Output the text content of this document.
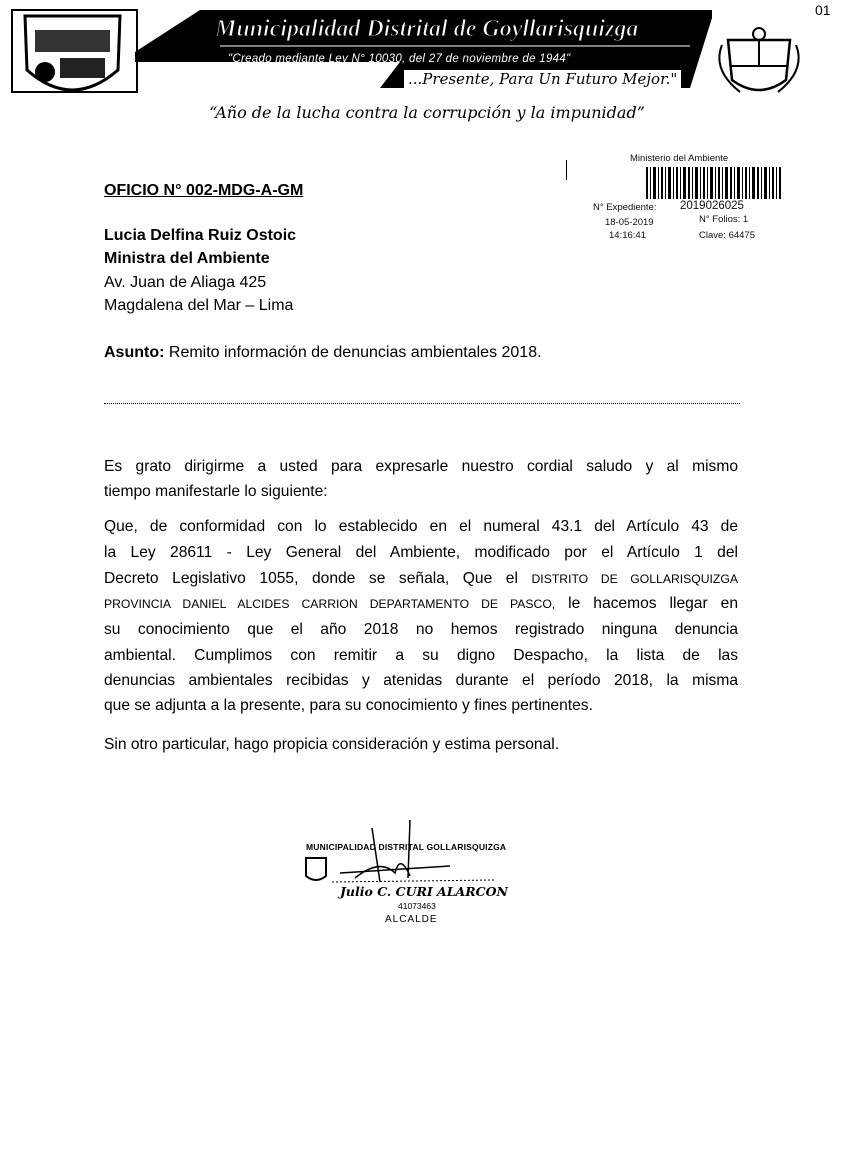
Municipalidad Distrital de Goyllarisquizga
"Creado mediante Ley N° 10030, del 27 de noviembre de 1944"
...Presente, Para Un Futuro Mejor."
01
“Año de la lucha contra la corrupción y la impunidad”
Ministerio del Ambiente
N° Expediente: 2019026025
18-05-2019	N° Folios: 1
14:16:41	Clave: 64475
OFICIO N° 002-MDG-A-GM
Lucia Delfina Ruiz Ostoic
Ministra del Ambiente
Av. Juan de Aliaga 425
Magdalena del Mar – Lima
Asunto: Remito información de denuncias ambientales 2018.
Es grato dirigirme a usted para expresarle nuestro cordial saludo y al mismo
tiempo manifestarle lo siguiente:
Que, de conformidad con lo establecido en el numeral 43.1 del Artículo 43 de
la Ley 28611 - Ley General del Ambiente, modificado por el Artículo 1 del
Decreto Legislativo 1055, donde se señala, Que el DISTRITO DE GOLLARISQUIZGA
PROVINCIA DANIEL ALCIDES CARRION DEPARTAMENTO DE PASCO, le hacemos llegar en
su conocimiento que el año 2018 no hemos registrado ninguna denuncia
ambiental. Cumplimos con remitir a su digno Despacho, la lista de las
denuncias ambientales recibidas y atenidas durante el período 2018, la misma
que se adjunta a la presente, para su conocimiento y fines pertinentes.
Sin otro particular, hago propicia consideración y estima personal.
MUNICIPALIDAD DISTRITAL GOLLARISQUIZGA
Julio C. CURI ALARCON
41073463
ALCALDE
